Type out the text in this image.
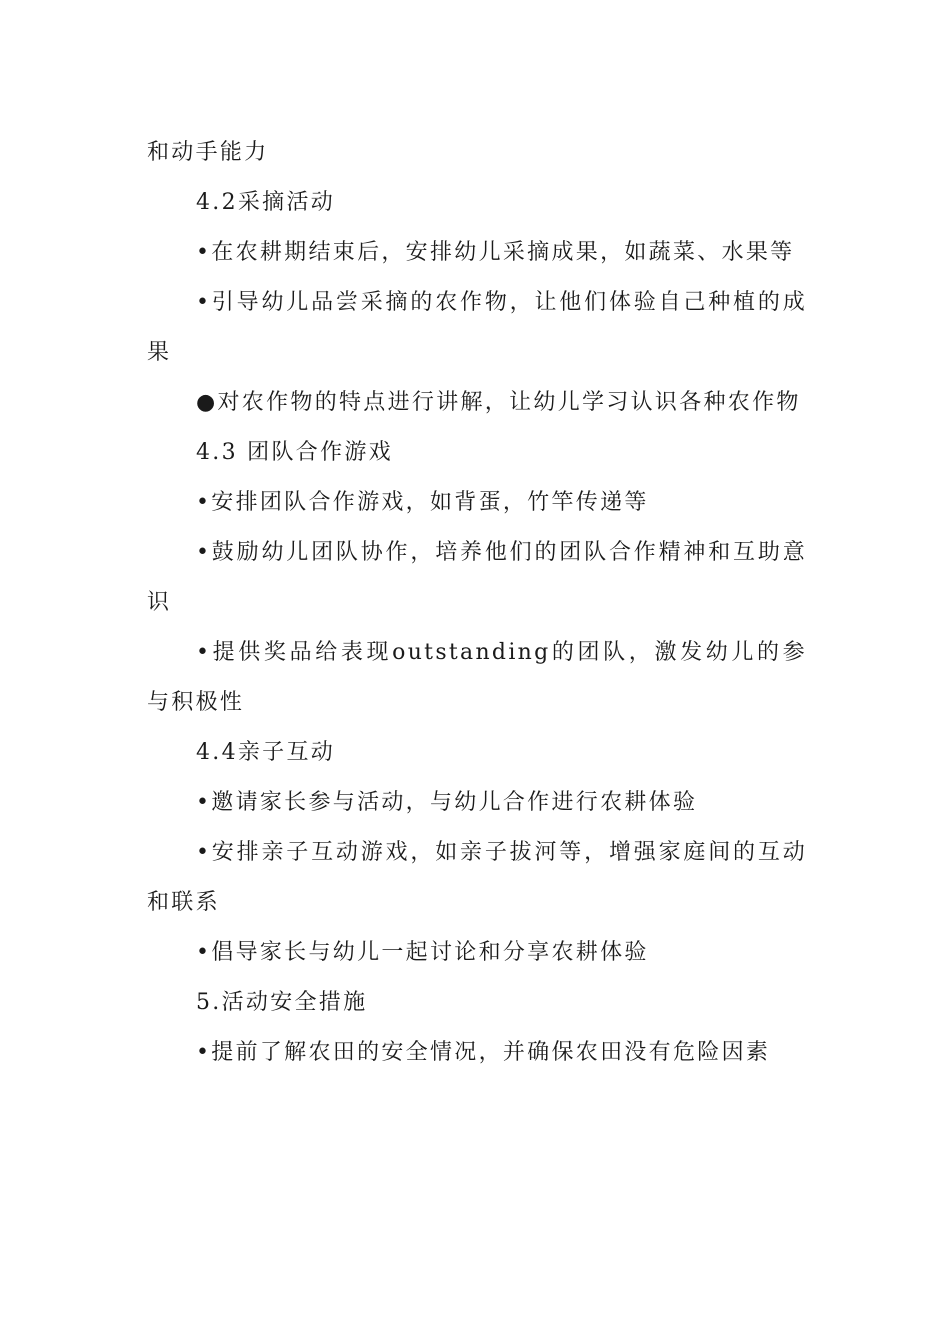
和动手能力

4.2采摘活动

•在农耕期结束后，安排幼儿采摘成果，如蔬菜、水果等

•引导幼儿品尝采摘的农作物，让他们体验自己种植的成果

●对农作物的特点进行讲解，让幼儿学习认识各种农作物

4.3 团队合作游戏

•安排团队合作游戏，如背蛋，竹竿传递等

•鼓励幼儿团队协作，培养他们的团队合作精神和互助意识

•提供奖品给表现outstanding的团队，激发幼儿的参与积极性

4.4亲子互动

•邀请家长参与活动，与幼儿合作进行农耕体验

•安排亲子互动游戏，如亲子拔河等，增强家庭间的互动和联系

•倡导家长与幼儿一起讨论和分享农耕体验

5.活动安全措施

•提前了解农田的安全情况，并确保农田没有危险因素
